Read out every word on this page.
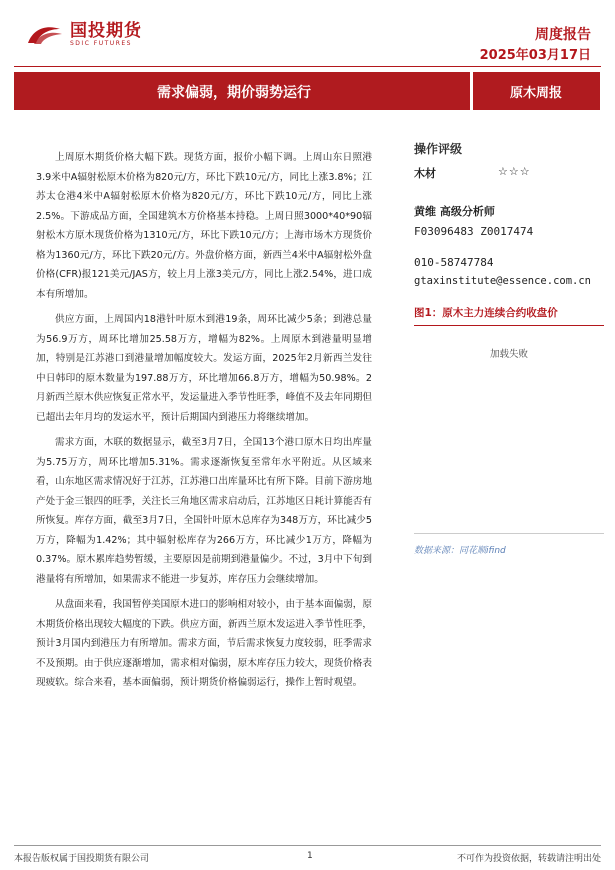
国投期货
SDIC FUTURES
周度报告
2025年03月17日
需求偏弱，期价弱势运行	原木周报

上周原木期货价格大幅下跌。现货方面，报价小幅下调。上周山东日照港3.9米中A辐射松原木价格为820元/方，环比下跌10元/方，同比上涨3.8%；江苏太仓港4米中A辐射松原木价格为820元/方，环比下跌10元/方，同比上涨2.5%。下游成品方面，全国建筑木方价格基本持稳。上周日照3000*40*90辐射松木方原木现货价格为1310元/方，环比下跌10元/方；上海市场木方现货价格为1360元/方，环比下跌20元/方。外盘价格方面，新西兰4米中A辐射松外盘价格(CFR)报121美元/JAS方，较上月上涨3美元/方，同比上涨2.54%，进口成本有所增加。

供应方面，上周国内18港针叶原木到港19条，周环比减少5条；到港总量为56.9万方，周环比增加25.58万方，增幅为82%。上周原木到港量明显增加，特别是江苏港口到港量增加幅度较大。发运方面，2025年2月新西兰发往中日韩印的原木数量为197.88万方，环比增加66.8万方，增幅为50.98%。2月新西兰原木供应恢复正常水平，发运量进入季节性旺季，峰值不及去年同期但已超出去年月均的发运水平，预计后期国内到港压力将继续增加。

需求方面，木联的数据显示，截至3月7日，全国13个港口原木日均出库量为5.75万方，周环比增加5.31%。需求逐渐恢复至常年水平附近。从区域来看，山东地区需求情况好于江苏，江苏港口出库量环比有所下降。目前下游房地产处于金三银四的旺季，关注长三角地区需求启动后，江苏地区日耗计算能否有所恢复。库存方面，截至3月7日，全国针叶原木总库存为348万方，环比减少5万方，降幅为1.42%；其中辐射松库存为266万方，环比减少1万方，降幅为0.37%。原木累库趋势暂缓，主要原因是前期到港量偏少。不过，3月中下旬到港量将有所增加，如果需求不能进一步复苏，库存压力会继续增加。

从盘面来看，我国暂停美国原木进口的影响相对较小，由于基本面偏弱，原木期货价格出现较大幅度的下跌。供应方面，新西兰原木发运进入季节性旺季，预计3月国内到港压力有所增加。需求方面，节后需求恢复力度较弱，旺季需求不及预期。由于供应逐渐增加，需求相对偏弱，原木库存压力较大，现货价格表现疲软。综合来看，基本面偏弱，预计期货价格偏弱运行，操作上暂时观望。

操作评级
木材	☆☆☆
黄维 高级分析师
F03096483 Z0017474
010-58747784
gtaxinstitute@essence.com.cn
图1：原木主力连续合约收盘价
加载失败
数据来源：同花顺ifind
本报告版权属于国投期货有限公司	1	不可作为投资依据，转载请注明出处
